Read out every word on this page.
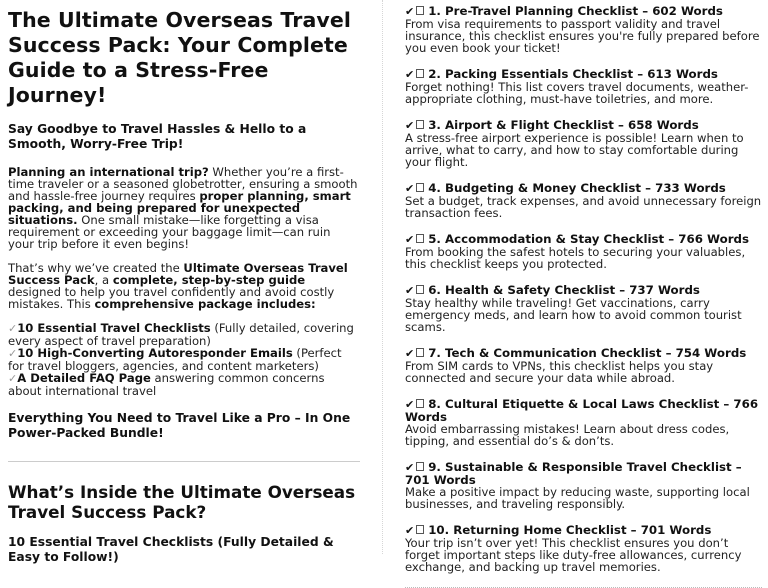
The Ultimate Overseas Travel Success Pack: Your Complete Guide to a Stress-Free Journey!
Say Goodbye to Travel Hassles & Hello to a Smooth, Worry-Free Trip!

Planning an international trip? Whether you’re a first-time traveler or a seasoned globetrotter, ensuring a smooth and hassle-free journey requires proper planning, smart packing, and being prepared for unexpected situations. One small mistake—like forgetting a visa requirement or exceeding your baggage limit—can ruin your trip before it even begins!

That’s why we’ve created the Ultimate Overseas Travel Success Pack, a complete, step-by-step guide designed to help you travel confidently and avoid costly mistakes. This comprehensive package includes:

✓10 Essential Travel Checklists (Fully detailed, covering every aspect of travel preparation)
✓10 High-Converting Autoresponder Emails (Perfect for travel bloggers, agencies, and content marketers)
✓A Detailed FAQ Page answering common concerns about international travel
Everything You Need to Travel Like a Pro – In One Power-Packed Bundle!
What’s Inside the Ultimate Overseas Travel Success Pack?
10 Essential Travel Checklists (Fully Detailed & Easy to Follow!)
✔ 1. Pre-Travel Planning Checklist – 602 Words
From visa requirements to passport validity and travel insurance, this checklist ensures you're fully prepared before you even book your ticket!
✔ 2. Packing Essentials Checklist – 613 Words
Forget nothing! This list covers travel documents, weather-appropriate clothing, must-have toiletries, and more.
✔ 3. Airport & Flight Checklist – 658 Words
A stress-free airport experience is possible! Learn when to arrive, what to carry, and how to stay comfortable during your flight.
✔ 4. Budgeting & Money Checklist – 733 Words
Set a budget, track expenses, and avoid unnecessary foreign transaction fees.
✔ 5. Accommodation & Stay Checklist – 766 Words
From booking the safest hotels to securing your valuables, this checklist keeps you protected.
✔ 6. Health & Safety Checklist – 737 Words
Stay healthy while traveling! Get vaccinations, carry emergency meds, and learn how to avoid common tourist scams.
✔ 7. Tech & Communication Checklist – 754 Words
From SIM cards to VPNs, this checklist helps you stay connected and secure your data while abroad.
✔ 8. Cultural Etiquette & Local Laws Checklist – 766 Words
Avoid embarrassing mistakes! Learn about dress codes, tipping, and essential do’s & don’ts.
✔ 9. Sustainable & Responsible Travel Checklist – 701 Words
Make a positive impact by reducing waste, supporting local businesses, and traveling responsibly.
✔ 10. Returning Home Checklist – 701 Words
Your trip isn’t over yet! This checklist ensures you don’t forget important steps like duty-free allowances, currency exchange, and backing up travel memories.
